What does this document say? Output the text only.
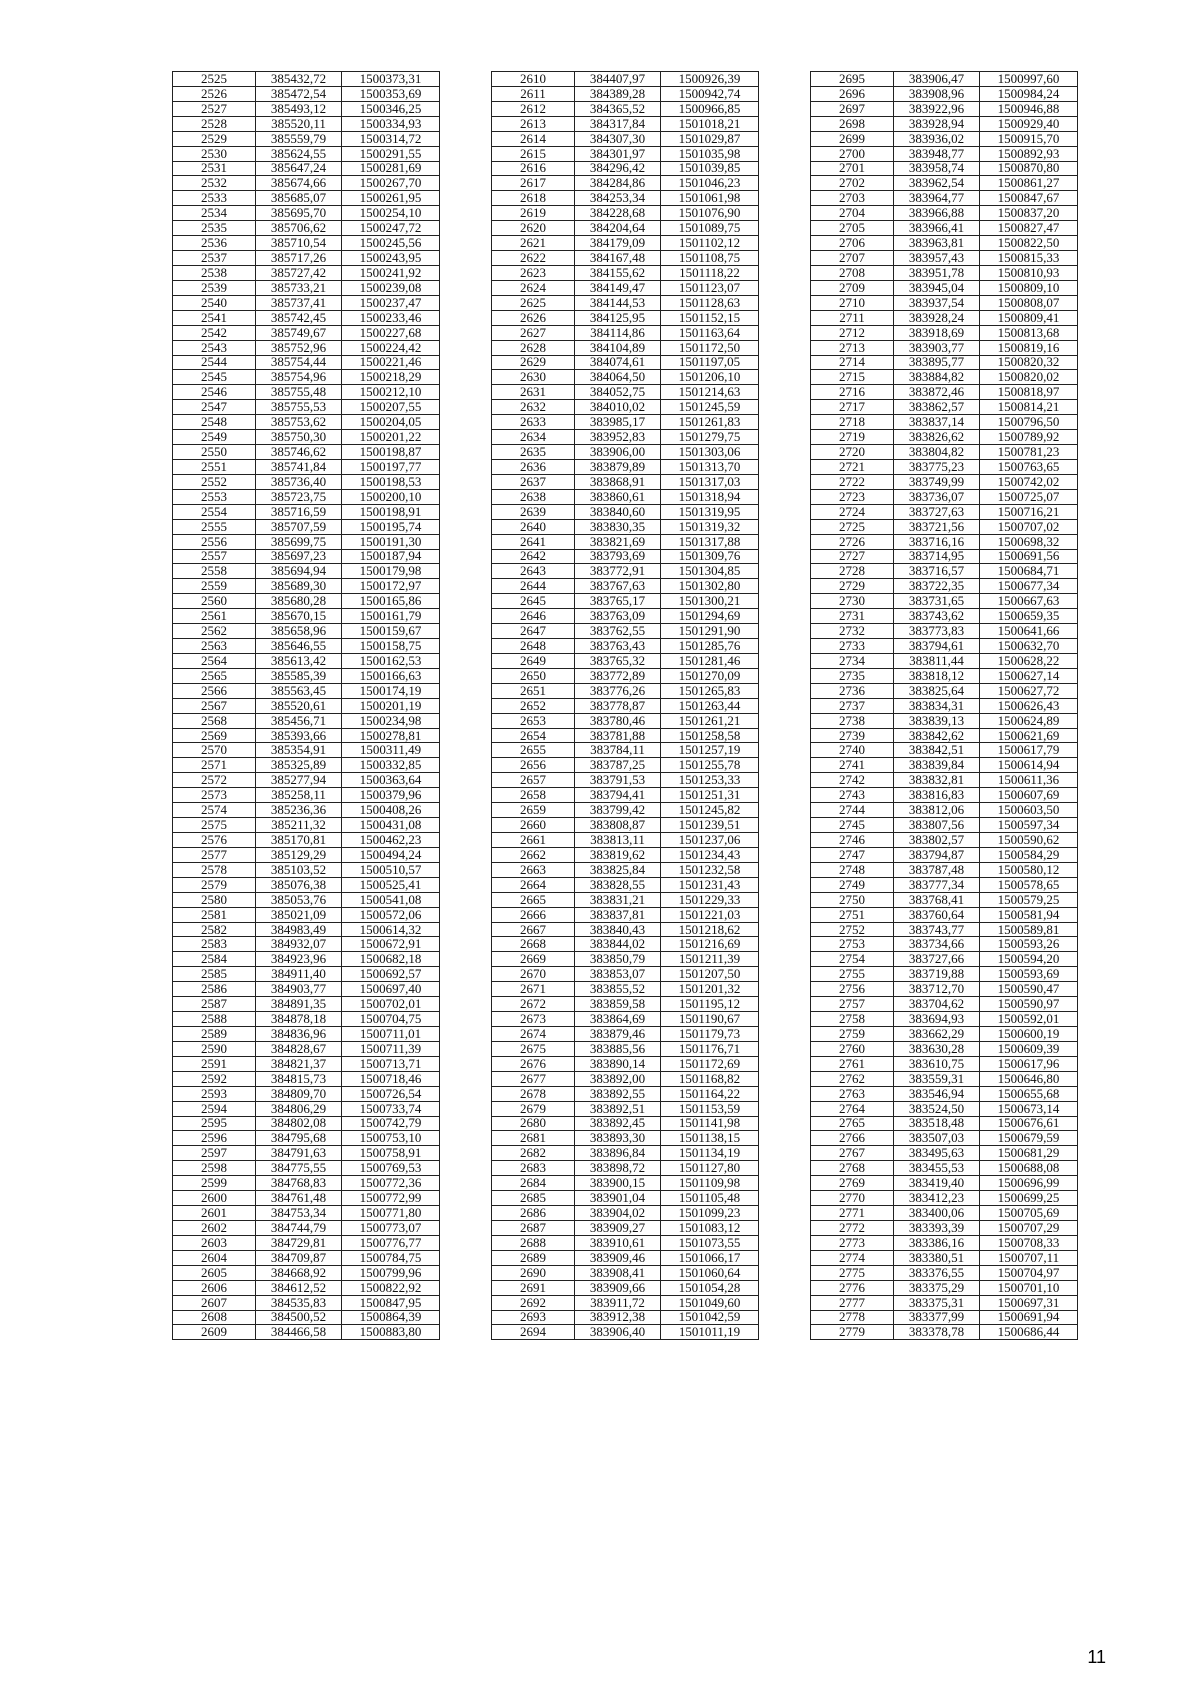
2525	385432,72	1500373,31
2526	385472,54	1500353,69
2527	385493,12	1500346,25
2528	385520,11	1500334,93
2529	385559,79	1500314,72
2530	385624,55	1500291,55
2531	385647,24	1500281,69
2532	385674,66	1500267,70
2533	385685,07	1500261,95
2534	385695,70	1500254,10
2535	385706,62	1500247,72
2536	385710,54	1500245,56
2537	385717,26	1500243,95
2538	385727,42	1500241,92
2539	385733,21	1500239,08
2540	385737,41	1500237,47
2541	385742,45	1500233,46
2542	385749,67	1500227,68
2543	385752,96	1500224,42
2544	385754,44	1500221,46
2545	385754,96	1500218,29
2546	385755,48	1500212,10
2547	385755,53	1500207,55
2548	385753,62	1500204,05
2549	385750,30	1500201,22
2550	385746,62	1500198,87
2551	385741,84	1500197,77
2552	385736,40	1500198,53
2553	385723,75	1500200,10
2554	385716,59	1500198,91
2555	385707,59	1500195,74
2556	385699,75	1500191,30
2557	385697,23	1500187,94
2558	385694,94	1500179,98
2559	385689,30	1500172,97
2560	385680,28	1500165,86
2561	385670,15	1500161,79
2562	385658,96	1500159,67
2563	385646,55	1500158,75
2564	385613,42	1500162,53
2565	385585,39	1500166,63
2566	385563,45	1500174,19
2567	385520,61	1500201,19
2568	385456,71	1500234,98
2569	385393,66	1500278,81
2570	385354,91	1500311,49
2571	385325,89	1500332,85
2572	385277,94	1500363,64
2573	385258,11	1500379,96
2574	385236,36	1500408,26
2575	385211,32	1500431,08
2576	385170,81	1500462,23
2577	385129,29	1500494,24
2578	385103,52	1500510,57
2579	385076,38	1500525,41
2580	385053,76	1500541,08
2581	385021,09	1500572,06
2582	384983,49	1500614,32
2583	384932,07	1500672,91
2584	384923,96	1500682,18
2585	384911,40	1500692,57
2586	384903,77	1500697,40
2587	384891,35	1500702,01
2588	384878,18	1500704,75
2589	384836,96	1500711,01
2590	384828,67	1500711,39
2591	384821,37	1500713,71
2592	384815,73	1500718,46
2593	384809,70	1500726,54
2594	384806,29	1500733,74
2595	384802,08	1500742,79
2596	384795,68	1500753,10
2597	384791,63	1500758,91
2598	384775,55	1500769,53
2599	384768,83	1500772,36
2600	384761,48	1500772,99
2601	384753,34	1500771,80
2602	384744,79	1500773,07
2603	384729,81	1500776,77
2604	384709,87	1500784,75
2605	384668,92	1500799,96
2606	384612,52	1500822,92
2607	384535,83	1500847,95
2608	384500,52	1500864,39
2609	384466,58	1500883,80
2610	384407,97	1500926,39
2611	384389,28	1500942,74
2612	384365,52	1500966,85
2613	384317,84	1501018,21
2614	384307,30	1501029,87
2615	384301,97	1501035,98
2616	384296,42	1501039,85
2617	384284,86	1501046,23
2618	384253,34	1501061,98
2619	384228,68	1501076,90
2620	384204,64	1501089,75
2621	384179,09	1501102,12
2622	384167,48	1501108,75
2623	384155,62	1501118,22
2624	384149,47	1501123,07
2625	384144,53	1501128,63
2626	384125,95	1501152,15
2627	384114,86	1501163,64
2628	384104,89	1501172,50
2629	384074,61	1501197,05
2630	384064,50	1501206,10
2631	384052,75	1501214,63
2632	384010,02	1501245,59
2633	383985,17	1501261,83
2634	383952,83	1501279,75
2635	383906,00	1501303,06
2636	383879,89	1501313,70
2637	383868,91	1501317,03
2638	383860,61	1501318,94
2639	383840,60	1501319,95
2640	383830,35	1501319,32
2641	383821,69	1501317,88
2642	383793,69	1501309,76
2643	383772,91	1501304,85
2644	383767,63	1501302,80
2645	383765,17	1501300,21
2646	383763,09	1501294,69
2647	383762,55	1501291,90
2648	383763,43	1501285,76
2649	383765,32	1501281,46
2650	383772,89	1501270,09
2651	383776,26	1501265,83
2652	383778,87	1501263,44
2653	383780,46	1501261,21
2654	383781,88	1501258,58
2655	383784,11	1501257,19
2656	383787,25	1501255,78
2657	383791,53	1501253,33
2658	383794,41	1501251,31
2659	383799,42	1501245,82
2660	383808,87	1501239,51
2661	383813,11	1501237,06
2662	383819,62	1501234,43
2663	383825,84	1501232,58
2664	383828,55	1501231,43
2665	383831,21	1501229,33
2666	383837,81	1501221,03
2667	383840,43	1501218,62
2668	383844,02	1501216,69
2669	383850,79	1501211,39
2670	383853,07	1501207,50
2671	383855,52	1501201,32
2672	383859,58	1501195,12
2673	383864,69	1501190,67
2674	383879,46	1501179,73
2675	383885,56	1501176,71
2676	383890,14	1501172,69
2677	383892,00	1501168,82
2678	383892,55	1501164,22
2679	383892,51	1501153,59
2680	383892,45	1501141,98
2681	383893,30	1501138,15
2682	383896,84	1501134,19
2683	383898,72	1501127,80
2684	383900,15	1501109,98
2685	383901,04	1501105,48
2686	383904,02	1501099,23
2687	383909,27	1501083,12
2688	383910,61	1501073,55
2689	383909,46	1501066,17
2690	383908,41	1501060,64
2691	383909,66	1501054,28
2692	383911,72	1501049,60
2693	383912,38	1501042,59
2694	383906,40	1501011,19
2695	383906,47	1500997,60
2696	383908,96	1500984,24
2697	383922,96	1500946,88
2698	383928,94	1500929,40
2699	383936,02	1500915,70
2700	383948,77	1500892,93
2701	383958,74	1500870,80
2702	383962,54	1500861,27
2703	383964,77	1500847,67
2704	383966,88	1500837,20
2705	383966,41	1500827,47
2706	383963,81	1500822,50
2707	383957,43	1500815,33
2708	383951,78	1500810,93
2709	383945,04	1500809,10
2710	383937,54	1500808,07
2711	383928,24	1500809,41
2712	383918,69	1500813,68
2713	383903,77	1500819,16
2714	383895,77	1500820,32
2715	383884,82	1500820,02
2716	383872,46	1500818,97
2717	383862,57	1500814,21
2718	383837,14	1500796,50
2719	383826,62	1500789,92
2720	383804,82	1500781,23
2721	383775,23	1500763,65
2722	383749,99	1500742,02
2723	383736,07	1500725,07
2724	383727,63	1500716,21
2725	383721,56	1500707,02
2726	383716,16	1500698,32
2727	383714,95	1500691,56
2728	383716,57	1500684,71
2729	383722,35	1500677,34
2730	383731,65	1500667,63
2731	383743,62	1500659,35
2732	383773,83	1500641,66
2733	383794,61	1500632,70
2734	383811,44	1500628,22
2735	383818,12	1500627,14
2736	383825,64	1500627,72
2737	383834,31	1500626,43
2738	383839,13	1500624,89
2739	383842,62	1500621,69
2740	383842,51	1500617,79
2741	383839,84	1500614,94
2742	383832,81	1500611,36
2743	383816,83	1500607,69
2744	383812,06	1500603,50
2745	383807,56	1500597,34
2746	383802,57	1500590,62
2747	383794,87	1500584,29
2748	383787,48	1500580,12
2749	383777,34	1500578,65
2750	383768,41	1500579,25
2751	383760,64	1500581,94
2752	383743,77	1500589,81
2753	383734,66	1500593,26
2754	383727,66	1500594,20
2755	383719,88	1500593,69
2756	383712,70	1500590,47
2757	383704,62	1500590,97
2758	383694,93	1500592,01
2759	383662,29	1500600,19
2760	383630,28	1500609,39
2761	383610,75	1500617,96
2762	383559,31	1500646,80
2763	383546,94	1500655,68
2764	383524,50	1500673,14
2765	383518,48	1500676,61
2766	383507,03	1500679,59
2767	383495,63	1500681,29
2768	383455,53	1500688,08
2769	383419,40	1500696,99
2770	383412,23	1500699,25
2771	383400,06	1500705,69
2772	383393,39	1500707,29
2773	383386,16	1500708,33
2774	383380,51	1500707,11
2775	383376,55	1500704,97
2776	383375,29	1500701,10
2777	383375,31	1500697,31
2778	383377,99	1500691,94
2779	383378,78	1500686,44
11
